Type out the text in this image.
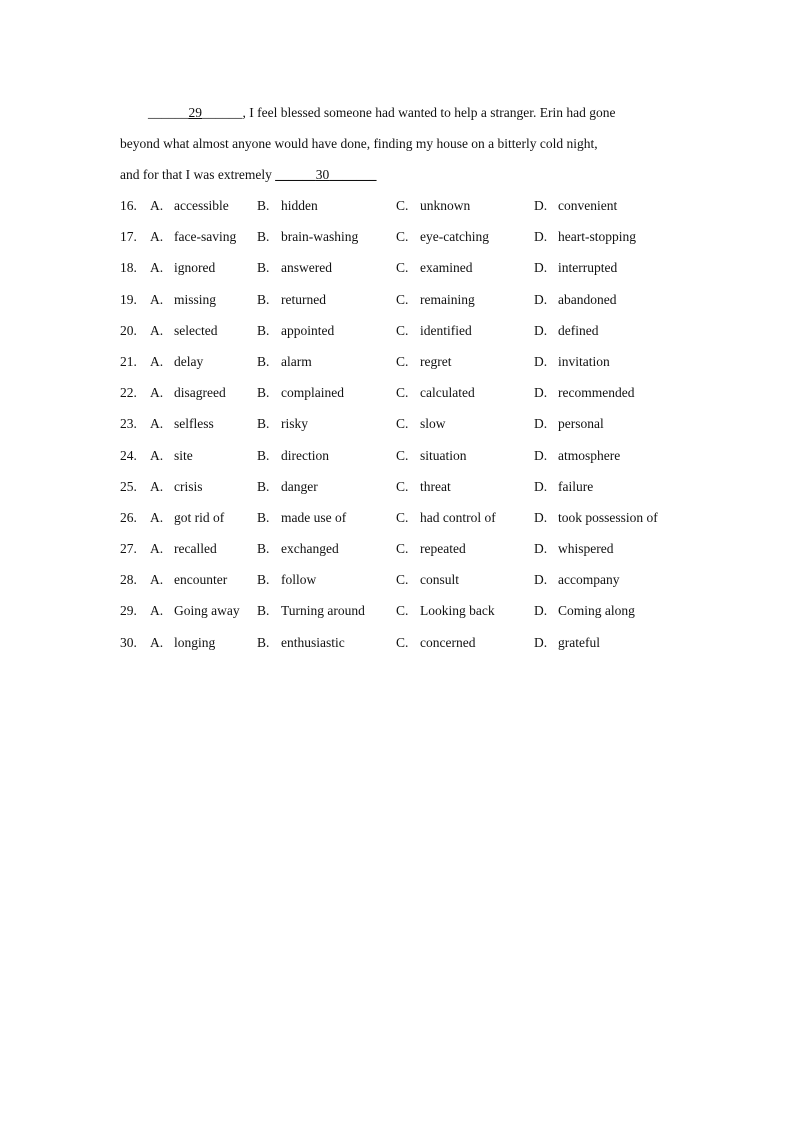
______29______, I feel blessed someone had wanted to help a stranger. Erin had gone
beyond what almost anyone would have done, finding my house on a bitterly cold night,
and for that I was extremely ______30_______
16. A. accessible B. hidden	C. unknown	D. convenient
17. A. face-saving B. brain-washing	C. eye-catching	D. heart-stopping
18. A. ignored	B. answered	C. examined	D. interrupted
19. A. missing	B. returned	C. remaining	D. abandoned
20. A. selected	B. appointed	C. identified	D. defined
21. A. delay	B. alarm	C. regret	D. invitation
22. A. disagreed B. complained	C. calculated	D. recommended
23. A. selfless	B. risky	C. slow	D. personal
24. A. site	B. direction	C. situation	D. atmosphere
25. A. crisis	B. danger	C. threat	D. failure
26. A. got rid of B. made use of	C. had control of	D. took possession of
27. A. recalled	B. exchanged	C. repeated	D. whispered
28. A. encounter B. follow	C. consult	D. accompany
29. A. Going away B. Turning around C. Looking back	D. Coming along
30. A. longing	B. enthusiastic	C. concerned	D. grateful
